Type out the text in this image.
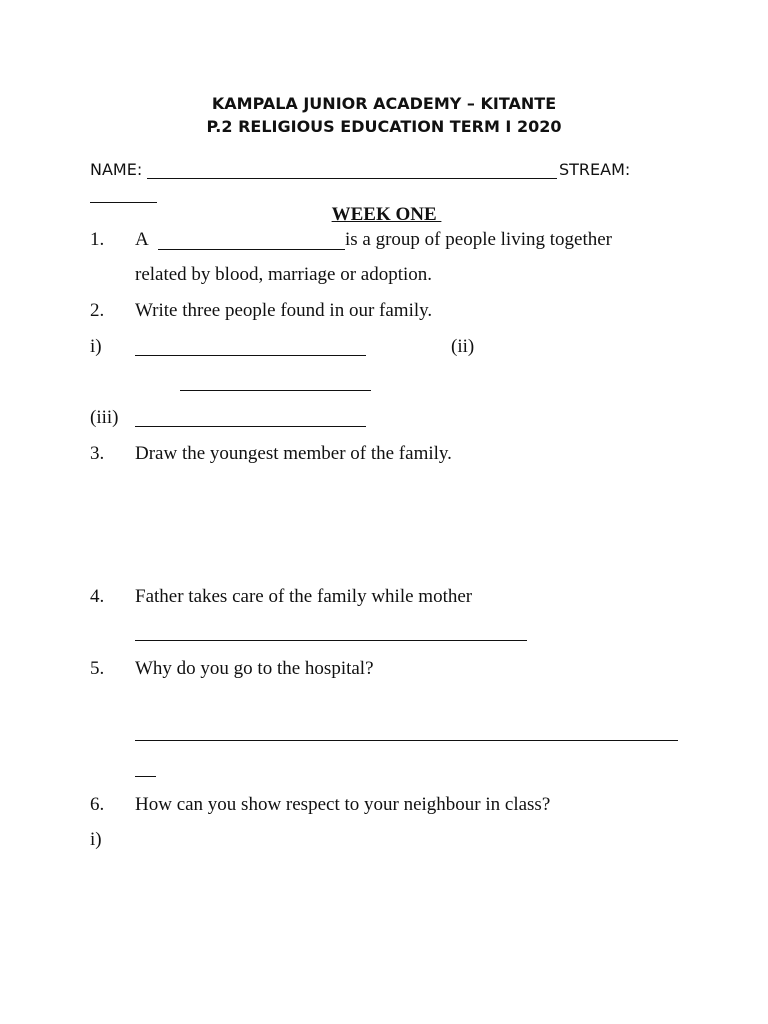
KAMPALA JUNIOR ACADEMY – KITANTE
P.2 RELIGIOUS EDUCATION TERM I 2020
NAME:	STREAM:
WEEK ONE
1. A	is a group of people living together
related by blood, marriage or adoption.
2. Write three people found in our family.
i)	(ii)
(iii)
3. Draw the youngest member of the family.
4. Father takes care of the family while mother
5. Why do you go to the hospital?
6. How can you show respect to your neighbour in class?
i)
